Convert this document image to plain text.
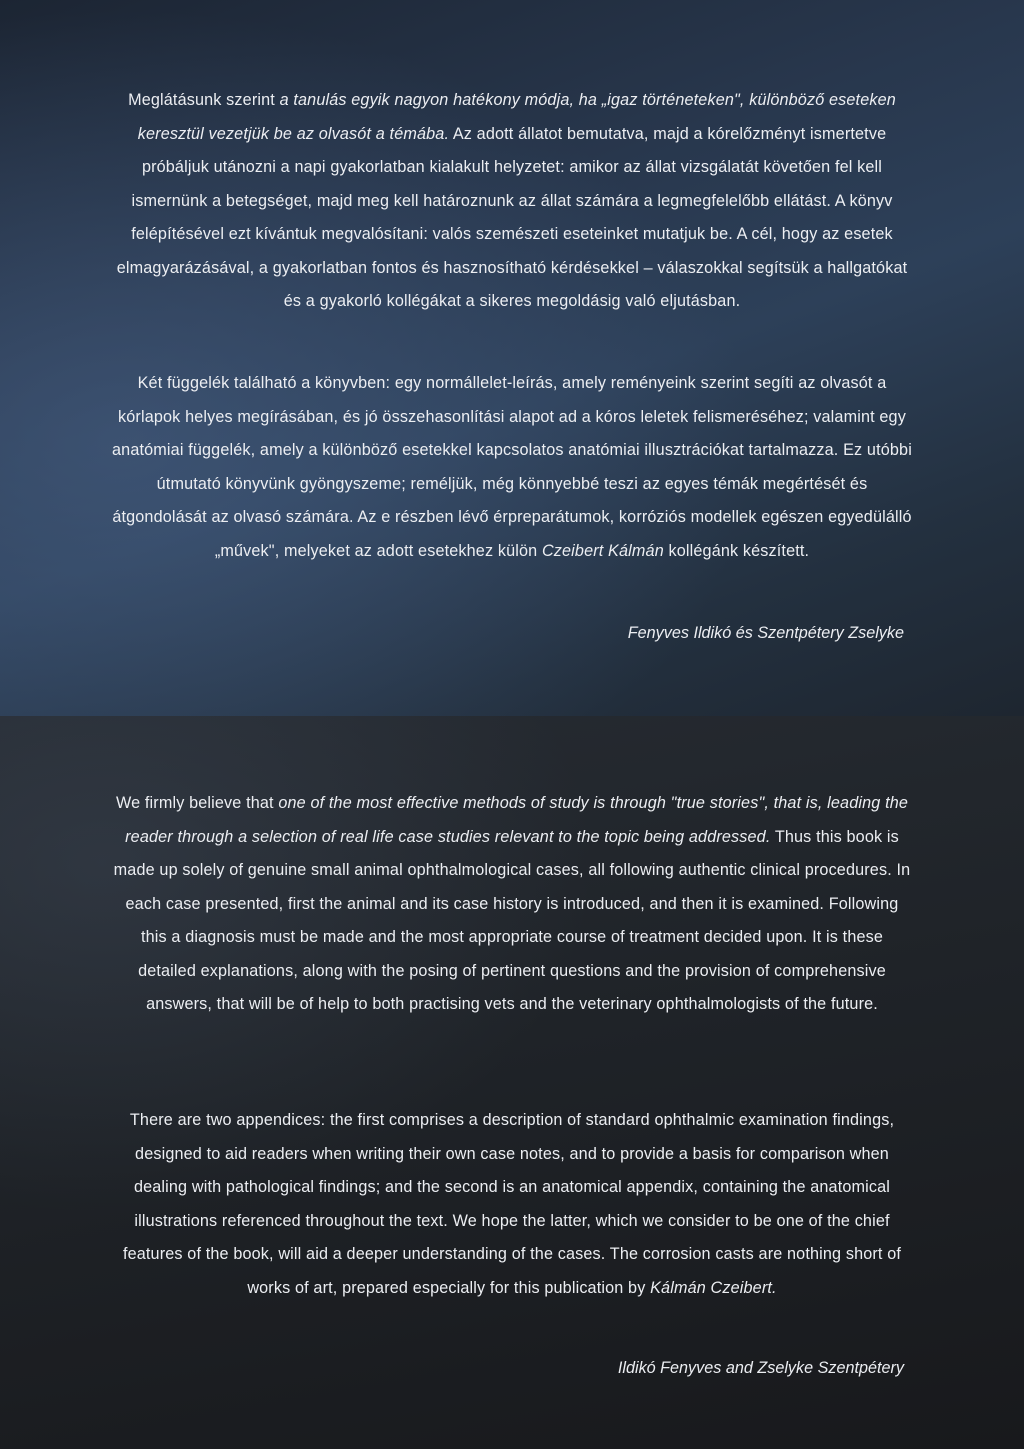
Meglátásunk szerint a tanulás egyik nagyon hatékony módja, ha „igaz történeteken", különböző eseteken keresztül vezetjük be az olvasót a témába. Az adott állatot bemutatva, majd a kórelőzményt ismertetve próbáljuk utánozni a napi gyakorlatban kialakult helyzetet: amikor az állat vizsgálatát követően fel kell ismernünk a betegséget, majd meg kell határoznunk az állat számára a legmegfelelőbb ellátást. A könyv felépítésével ezt kívántuk megvalósítani: valós szemészeti eseteinket mutatjuk be. A cél, hogy az esetek elmagyarázásával, a gyakorlatban fontos és hasznosítható kérdésekkel – válaszokkal segítsük a hallgatókat és a gyakorló kollégákat a sikeres megoldásig való eljutásban.

Két függelék található a könyvben: egy normállelet-leírás, amely reményeink szerint segíti az olvasót a kórlapok helyes megírásában, és jó összehasonlítási alapot ad a kóros leletek felismeréséhez; valamint egy anatómiai függelék, amely a különböző esetekkel kapcsolatos anatómiai illusztrációkat tartalmazza. Ez utóbbi útmutató könyvünk gyöngyszeme; reméljük, még könnyebbé teszi az egyes témák megértését és átgondolását az olvasó számára. Az e részben lévő érpreparátumok, korróziós modellek egészen egyedülálló „művek", melyeket az adott esetekhez külön Czeibert Kálmán kollégánk készített.

Fenyves Ildikó és Szentpétery Zselyke

We firmly believe that one of the most effective methods of study is through "true stories", that is, leading the reader through a selection of real life case studies relevant to the topic being addressed. Thus this book is made up solely of genuine small animal ophthalmological cases, all following authentic clinical procedures. In each case presented, first the animal and its case history is introduced, and then it is examined. Following this a diagnosis must be made and the most appropriate course of treatment decided upon. It is these detailed explanations, along with the posing of pertinent questions and the provision of comprehensive answers, that will be of help to both practising vets and the veterinary ophthalmologists of the future.

There are two appendices: the first comprises a description of standard ophthalmic examination findings, designed to aid readers when writing their own case notes, and to provide a basis for comparison when dealing with pathological findings; and the second is an anatomical appendix, containing the anatomical illustrations referenced throughout the text. We hope the latter, which we consider to be one of the chief features of the book, will aid a deeper understanding of the cases. The corrosion casts are nothing short of works of art, prepared especially for this publication by Kálmán Czeibert.

Ildikó Fenyves and Zselyke Szentpétery
